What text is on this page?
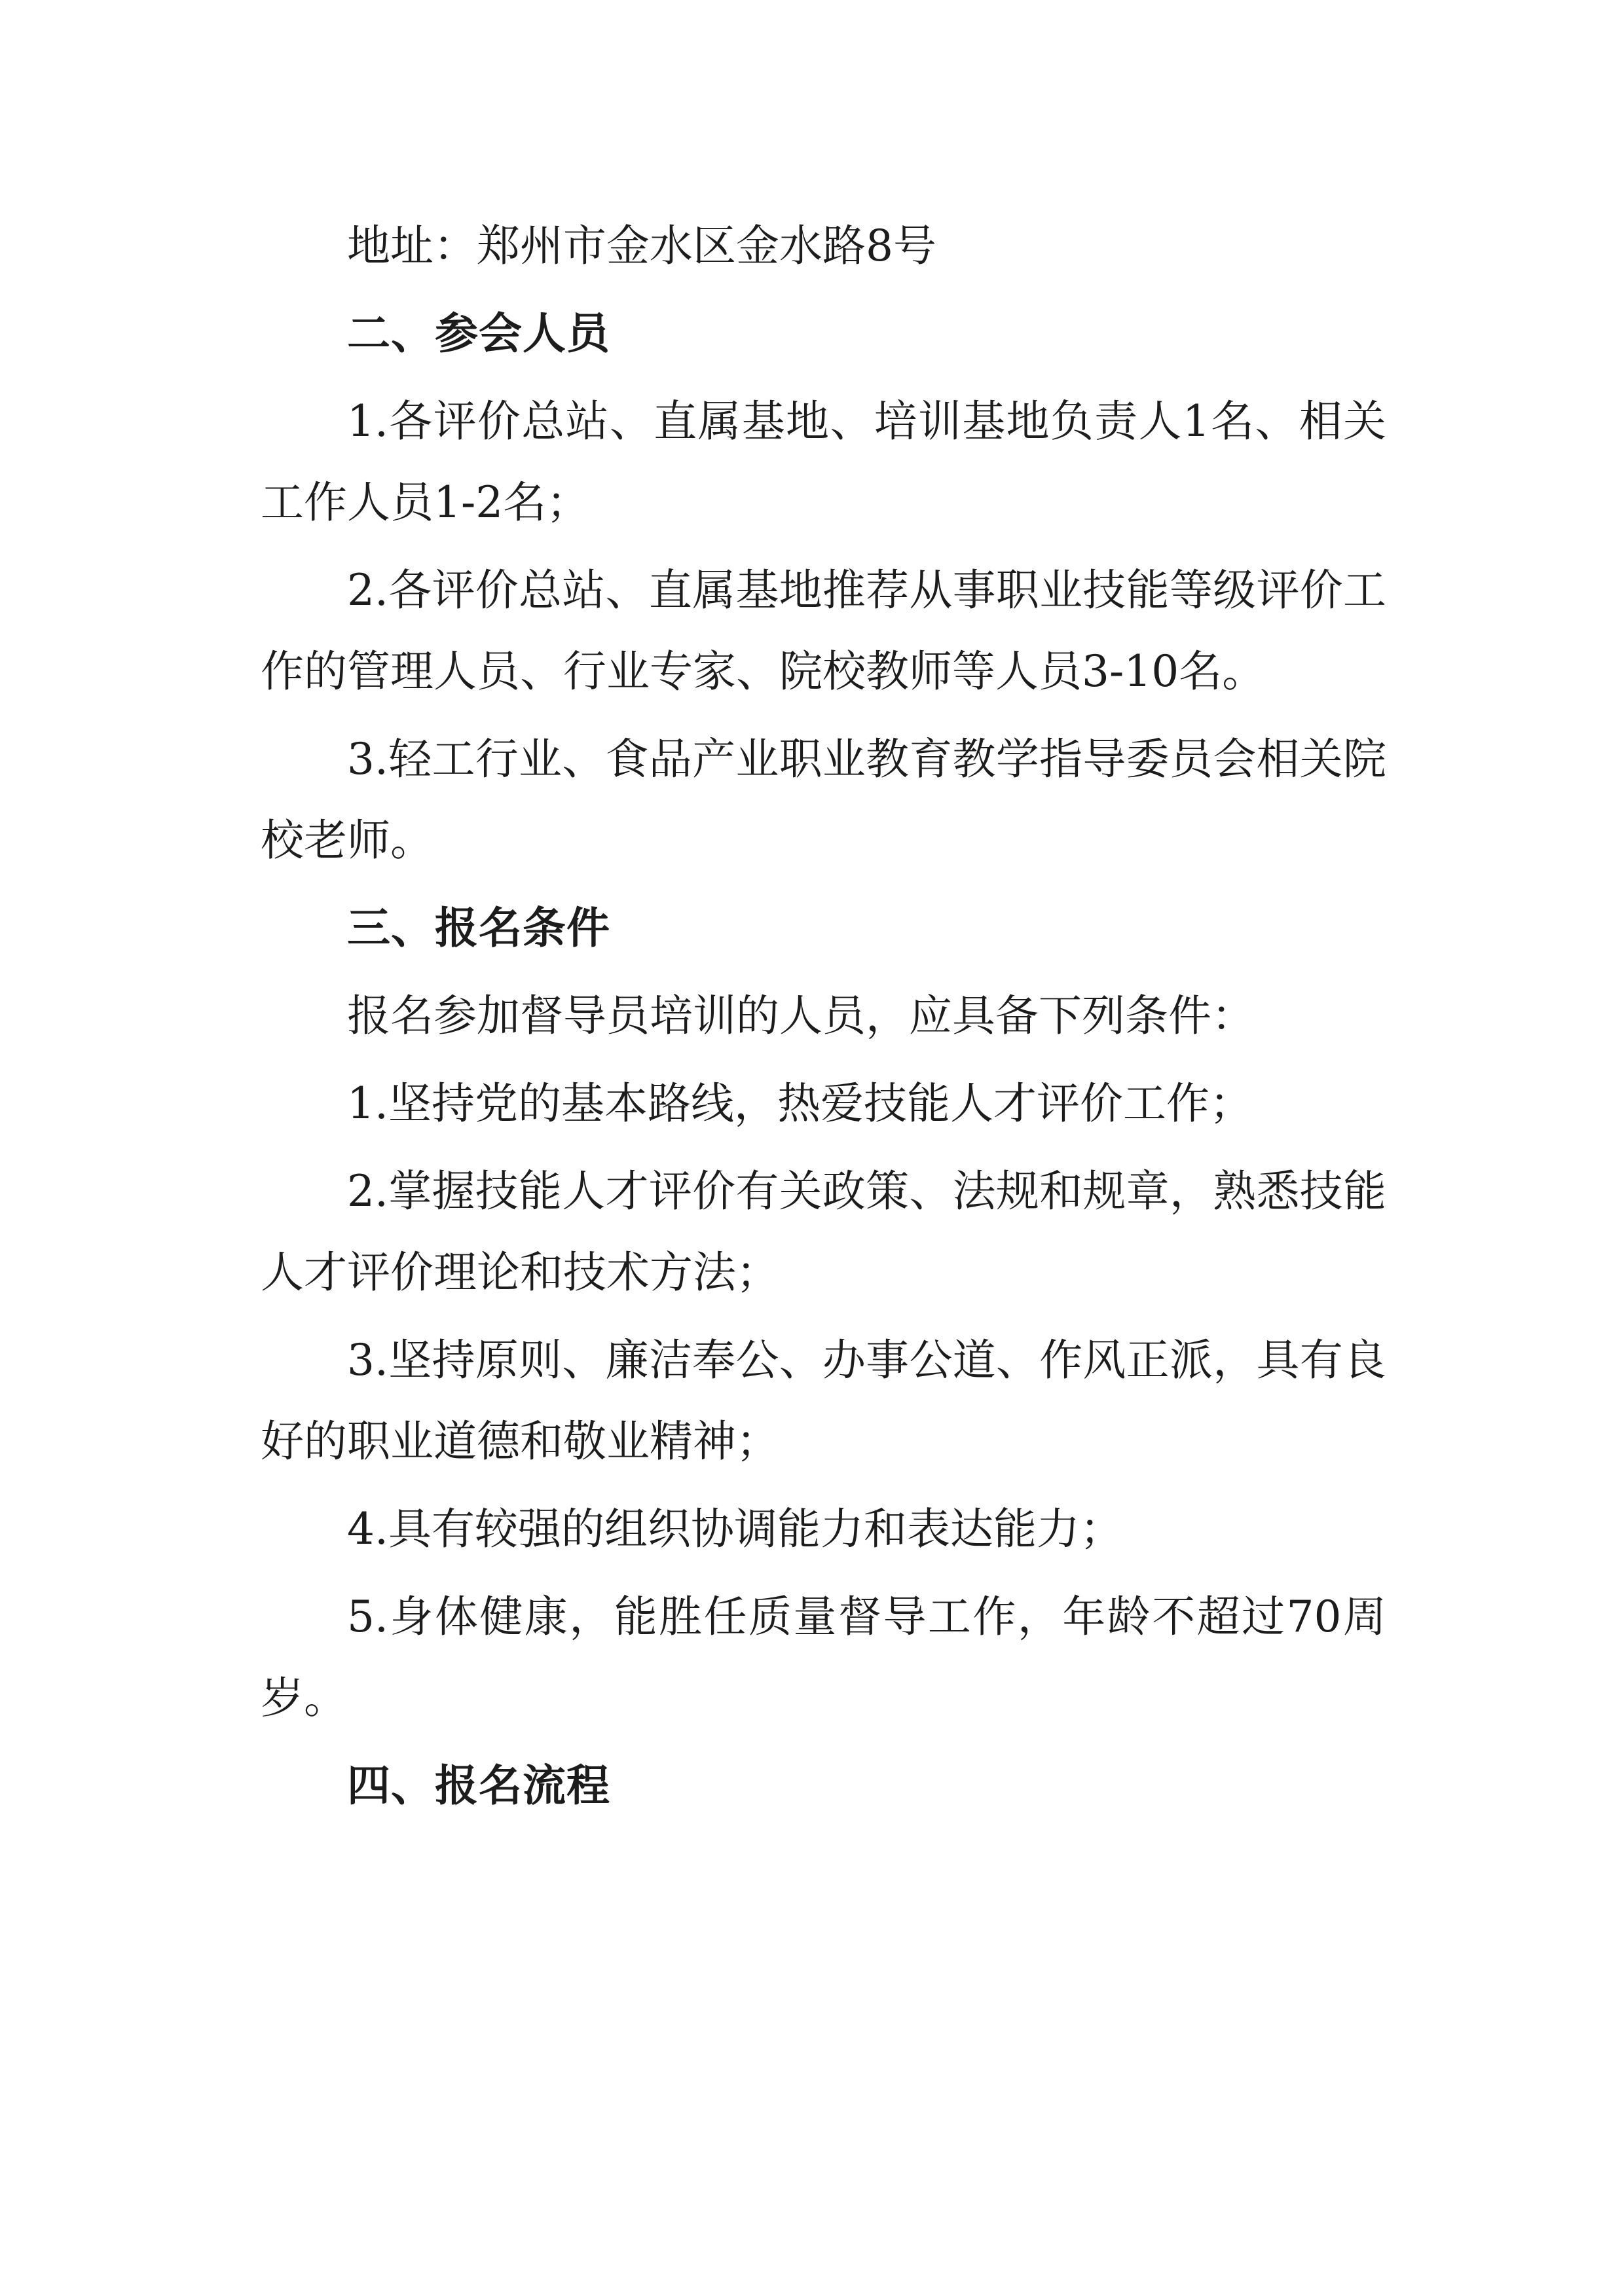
地址：郑州市金水区金水路8号
二、参会人员
1.各评价总站、直属基地、培训基地负责人1名、相关
工作人员1-2名；
2.各评价总站、直属基地推荐从事职业技能等级评价工
作的管理人员、行业专家、院校教师等人员3-10名。
3.轻工行业、食品产业职业教育教学指导委员会相关院
校老师。
三、报名条件
报名参加督导员培训的人员，应具备下列条件：
1.坚持党的基本路线，热爱技能人才评价工作；
2.掌握技能人才评价有关政策、法规和规章，熟悉技能
人才评价理论和技术方法；
3.坚持原则、廉洁奉公、办事公道、作风正派，具有良
好的职业道德和敬业精神；
4.具有较强的组织协调能力和表达能力；
5.身体健康，能胜任质量督导工作，年龄不超过70周
岁。
四、报名流程
